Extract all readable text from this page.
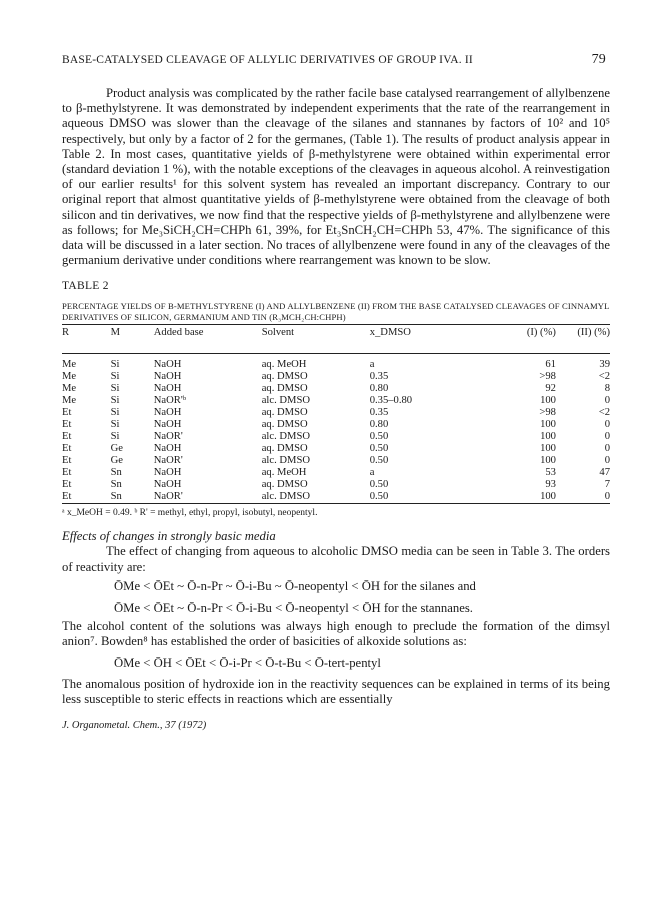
BASE-CATALYSED CLEAVAGE OF ALLYLIC DERIVATIVES OF GROUP IVA. II	79

Product analysis was complicated by the rather facile base catalysed rearrangement of allylbenzene to β-methylstyrene. It was demonstrated by independent experiments that the rate of the rearrangement in aqueous DMSO was slower than the cleavage of the silanes and stannanes by factors of 10² and 10⁵ respectively, but only by a factor of 2 for the germanes, (Table 1). The results of product analysis appear in Table 2. In most cases, quantitative yields of β-methylstyrene were obtained within experimental error (standard deviation 1 %), with the notable exceptions of the cleavages in aqueous alcohol. A reinvestigation of our earlier results¹ for this solvent system has revealed an important discrepancy. Contrary to our original report that almost quantitative yields of β-methylstyrene were obtained from the cleavage of both silicon and tin derivatives, we now find that the respective yields of β-methylstyrene and allylbenzene were as follows; for Me₃SiCH₂CH=CHPh 61, 39%, for Et₃SnCH₂CH=CHPh 53, 47%. The significance of this data will be discussed in a later section. No traces of allylbenzene were found in any of the cleavages of the germanium derivative under conditions where rearrangement was known to be slow.

TABLE 2
PERCENTAGE YIELDS OF Β-METHYLSTYRENE (I) AND ALLYLBENZENE (II) FROM THE BASE CATALYSED CLEAVAGES OF CINNAMYL DERIVATIVES OF SILICON, GERMANIUM AND TIN (R₃MCH₂CH:CHPH)
R	M	Added base	Solvent	x_DMSO	(I) (%)	(II) (%)

Me	Si	NaOH	aq. MeOH	a	61	39
Me	Si	NaOH	aq. DMSO	0.35	>98	<2
Me	Si	NaOH	aq. DMSO	0.80	92	8
Me	Si	NaOR'ᵇ	alc. DMSO	0.35–0.80	100	0
Et	Si	NaOH	aq. DMSO	0.35	>98	<2
Et	Si	NaOH	aq. DMSO	0.80	100	0
Et	Si	NaOR'	alc. DMSO	0.50	100	0
Et	Ge	NaOH	aq. DMSO	0.50	100	0
Et	Ge	NaOR'	alc. DMSO	0.50	100	0
Et	Sn	NaOH	aq. MeOH	a	53	47
Et	Sn	NaOH	aq. DMSO	0.50	93	7
Et	Sn	NaOR'	alc. DMSO	0.50	100	0
ᵃ x_MeOH = 0.49. ᵇ R' = methyl, ethyl, propyl, isobutyl, neopentyl.
Effects of changes in strongly basic media

The effect of changing from aqueous to alcoholic DMSO media can be seen in Table 3. The orders of reactivity are:

ŌMe < ŌEt ~ Ō-n-Pr ~ Ō-i-Bu ~ Ō-neopentyl < ŌH for the silanes and
ŌMe < ŌEt ~ Ō-n-Pr < Ō-i-Bu < Ō-neopentyl < ŌH for the stannanes.

The alcohol content of the solutions was always high enough to preclude the formation of the dimsyl anion⁷. Bowden⁸ has established the order of basicities of alkoxide solutions as:

ŌMe < ŌH < ŌEt < Ō-i-Pr < Ō-t-Bu < Ō-tert-pentyl

The anomalous position of hydroxide ion in the reactivity sequences can be explained in terms of its being less susceptible to steric effects in reactions which are essentially

J. Organometal. Chem., 37 (1972)
